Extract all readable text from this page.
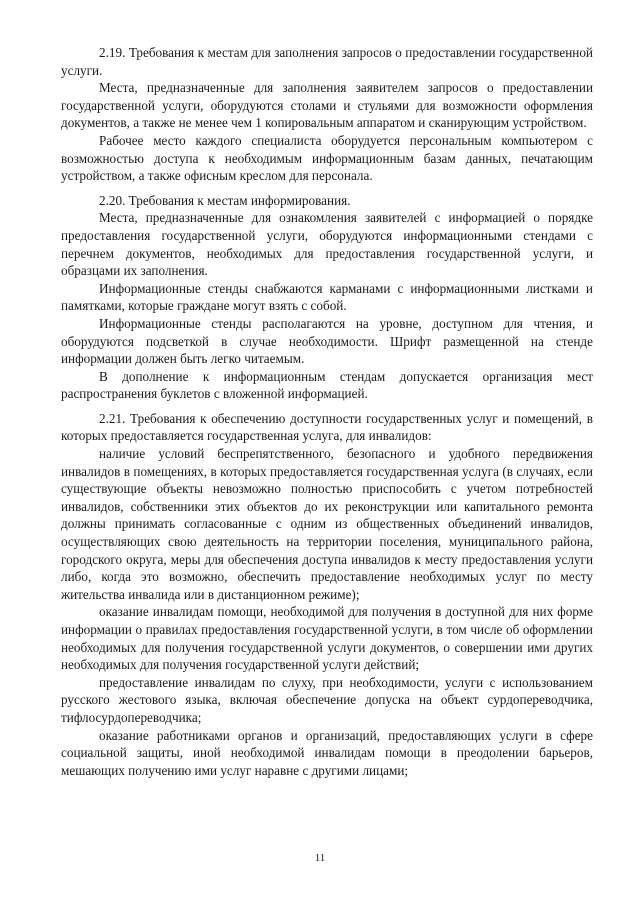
2.19. Требования к местам для заполнения запросов о предоставлении государственной услуги.

Места, предназначенные для заполнения заявителем запросов о предоставлении государственной услуги, оборудуются столами и стульями для возможности оформления документов, а также не менее чем 1 копировальным аппаратом и сканирующим устройством.

Рабочее место каждого специалиста оборудуется персональным компьютером с возможностью доступа к необходимым информационным базам данных, печатающим устройством, а также офисным креслом для персонала.

2.20. Требования к местам информирования.

Места, предназначенные для ознакомления заявителей с информацией о порядке предоставления государственной услуги, оборудуются информационными стендами с перечнем документов, необходимых для предоставления государственной услуги, и образцами их заполнения.

Информационные стенды снабжаются карманами с информационными листками и памятками, которые граждане могут взять с собой.

Информационные стенды располагаются на уровне, доступном для чтения, и оборудуются подсветкой в случае необходимости. Шрифт размещенной на стенде информации должен быть легко читаемым.

В дополнение к информационным стендам допускается организация мест распространения буклетов с вложенной информацией.

2.21. Требования к обеспечению доступности государственных услуг и помещений, в которых предоставляется государственная услуга, для инвалидов:

наличие условий беспрепятственного, безопасного и удобного передвижения инвалидов в помещениях, в которых предоставляется государственная услуга (в случаях, если существующие объекты невозможно полностью приспособить с учетом потребностей инвалидов, собственники этих объектов до их реконструкции или капитального ремонта должны принимать согласованные с одним из общественных объединений инвалидов, осуществляющих свою деятельность на территории поселения, муниципального района, городского округа, меры для обеспечения доступа инвалидов к месту предоставления услуги либо, когда это возможно, обеспечить предоставление необходимых услуг по месту жительства инвалида или в дистанционном режиме);

оказание инвалидам помощи, необходимой для получения в доступной для них форме информации о правилах предоставления государственной услуги, в том числе об оформлении необходимых для получения государственной услуги документов, о совершении ими других необходимых для получения государственной услуги действий;

предоставление инвалидам по слуху, при необходимости, услуги с использованием русского жестового языка, включая обеспечение допуска на объект сурдопереводчика, тифлосурдопереводчика;

оказание работниками органов и организаций, предоставляющих услуги в сфере социальной защиты, иной необходимой инвалидам помощи в преодолении барьеров, мешающих получению ими услуг наравне с другими лицами;

11
